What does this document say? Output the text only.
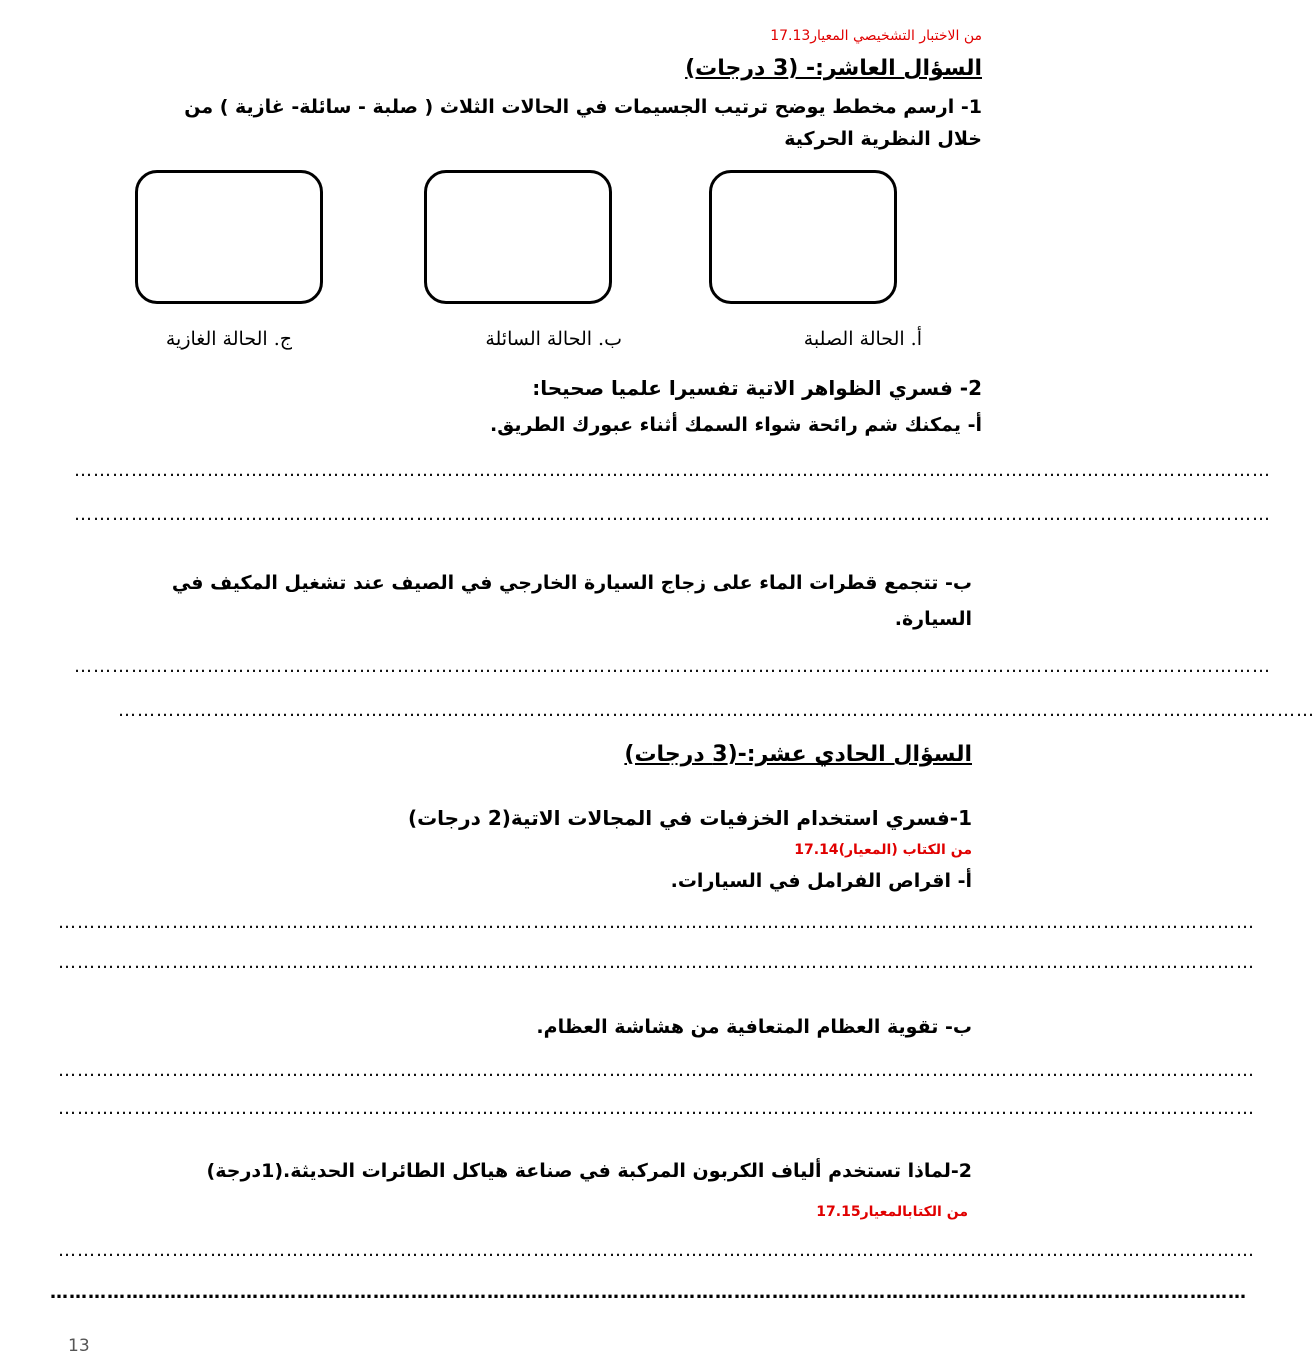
من الاختبار التشخيصي المعيار17.13
السؤال العاشر:- (3 درجات)
1- ارسم مخطط يوضح ترتيب الجسيمات في الحالات الثلاث ( صلبة - سائلة- غازية ) من
خلال النظرية الحركية
أ. الحالة الصلبة
ب. الحالة السائلة
ج. الحالة الغازية
2- فسري الظواهر الاتية تفسيرا علميا صحيحا:
أ- يمكنك شم رائحة شواء السمك أثناء عبورك الطريق.
………………………………………………………………………………………………………………………………………………………………………
………………………………………………………………………………………………………………………………………………………………………
ب- تتجمع قطرات الماء على زجاج السيارة الخارجي في الصيف عند تشغيل المكيف في
السيارة.
………………………………………………………………………………………………………………………………………………………………………
………………………………………………………………………………………………………………………………………………………………………
السؤال الحادي عشر:-(3 درجات)
1-فسري استخدام الخزفيات في المجالات الاتية(2 درجات)
من الكتاب (المعيار)17.14
أ- اقراص الفرامل في السيارات.
………………………………………………………………………………………………………………………………………………………………………
………………………………………………………………………………………………………………………………………………………………………
ب- تقوية العظام المتعافية من هشاشة العظام.
………………………………………………………………………………………………………………………………………………………………………
………………………………………………………………………………………………………………………………………………………………………
2-لماذا تستخدم ألياف الكربون المركبة في صناعة هياكل الطائرات الحديثة.(1درجة)
من الكتابالمعيار17.15
………………………………………………………………………………………………………………………………………………………………………
………………………………………………………………………………………………………………………………………………………………………
13
